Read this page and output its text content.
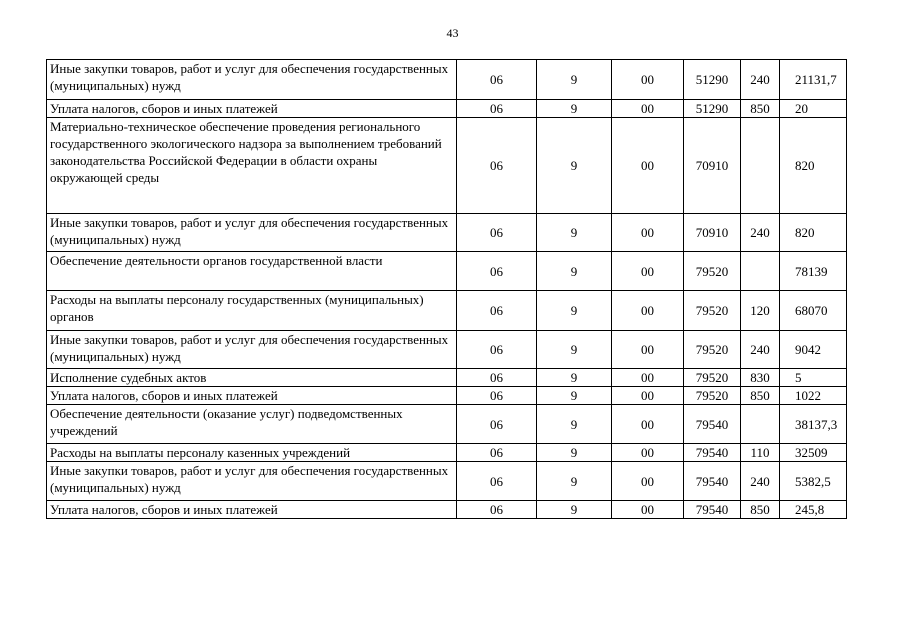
43
Иные закупки товаров, работ и услуг для обеспечения государственных (муниципальных) нужд	06	9	00	51290	240	21131,7
Уплата налогов, сборов и иных платежей	06	9	00	51290	850	20
Материально-техническое обеспечение проведения регионального государственного экологического надзора за выполнением требований законодательства Российской Федерации в области охраны окружающей среды	06	9	00	70910		820
Иные закупки товаров, работ и услуг для обеспечения государственных (муниципальных) нужд	06	9	00	70910	240	820
Обеспечение деятельности органов государственной власти	06	9	00	79520		78139
Расходы на выплаты персоналу государственных (муниципальных) органов	06	9	00	79520	120	68070
Иные закупки товаров, работ и услуг для обеспечения государственных (муниципальных) нужд	06	9	00	79520	240	9042
Исполнение судебных актов	06	9	00	79520	830	5
Уплата налогов, сборов и иных платежей	06	9	00	79520	850	1022
Обеспечение деятельности (оказание услуг) подведомственных учреждений	06	9	00	79540		38137,3
Расходы на выплаты персоналу казенных учреждений	06	9	00	79540	110	32509
Иные закупки товаров, работ и услуг для обеспечения государственных (муниципальных) нужд	06	9	00	79540	240	5382,5
Уплата налогов, сборов и иных платежей	06	9	00	79540	850	245,8
